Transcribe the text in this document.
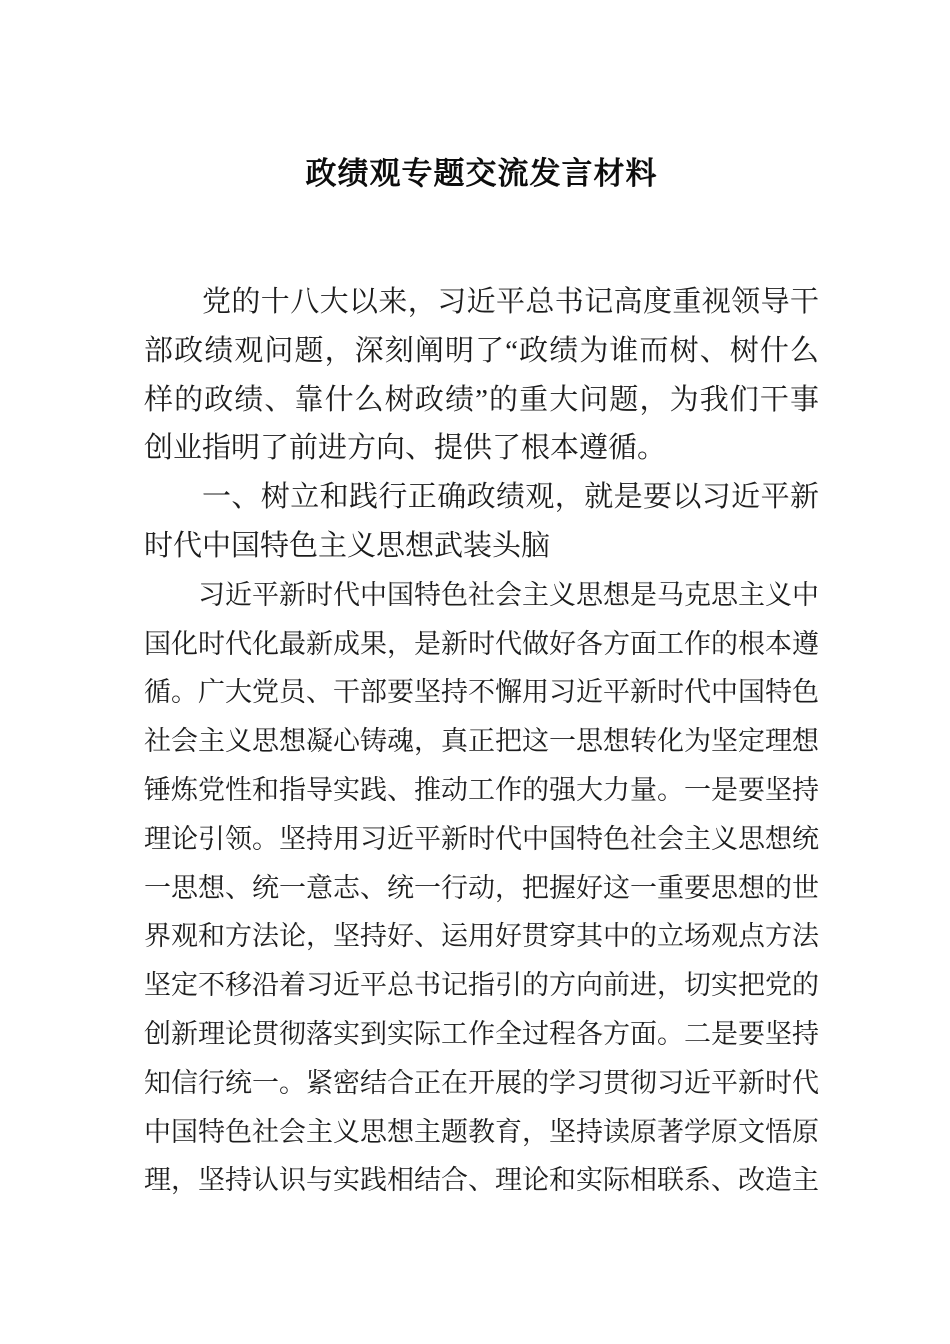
政绩观专题交流发言材料

党的十八大以来，习近平总书记高度重视领导干部政绩观问题，深刻阐明了“政绩为谁而树、树什么样的政绩、靠什么树政绩”的重大问题，为我们干事创业指明了前进方向、提供了根本遵循。

一、树立和践行正确政绩观，就是要以习近平新时代中国特色主义思想武装头脑

习近平新时代中国特色社会主义思想是马克思主义中国化时代化最新成果，是新时代做好各方面工作的根本遵循。广大党员、干部要坚持不懈用习近平新时代中国特色社会主义思想凝心铸魂，真正把这一思想转化为坚定理想锤炼党性和指导实践、推动工作的强大力量。一是要坚持理论引领。坚持用习近平新时代中国特色社会主义思想统一思想、统一意志、统一行动，把握好这一重要思想的世界观和方法论，坚持好、运用好贯穿其中的立场观点方法坚定不移沿着习近平总书记指引的方向前进，切实把党的创新理论贯彻落实到实际工作全过程各方面。二是要坚持知信行统一。紧密结合正在开展的学习贯彻习近平新时代中国特色社会主义思想主题教育，坚持读原著学原文悟原理，坚持认识与实践相结合、理论和实际相联系、改造主
